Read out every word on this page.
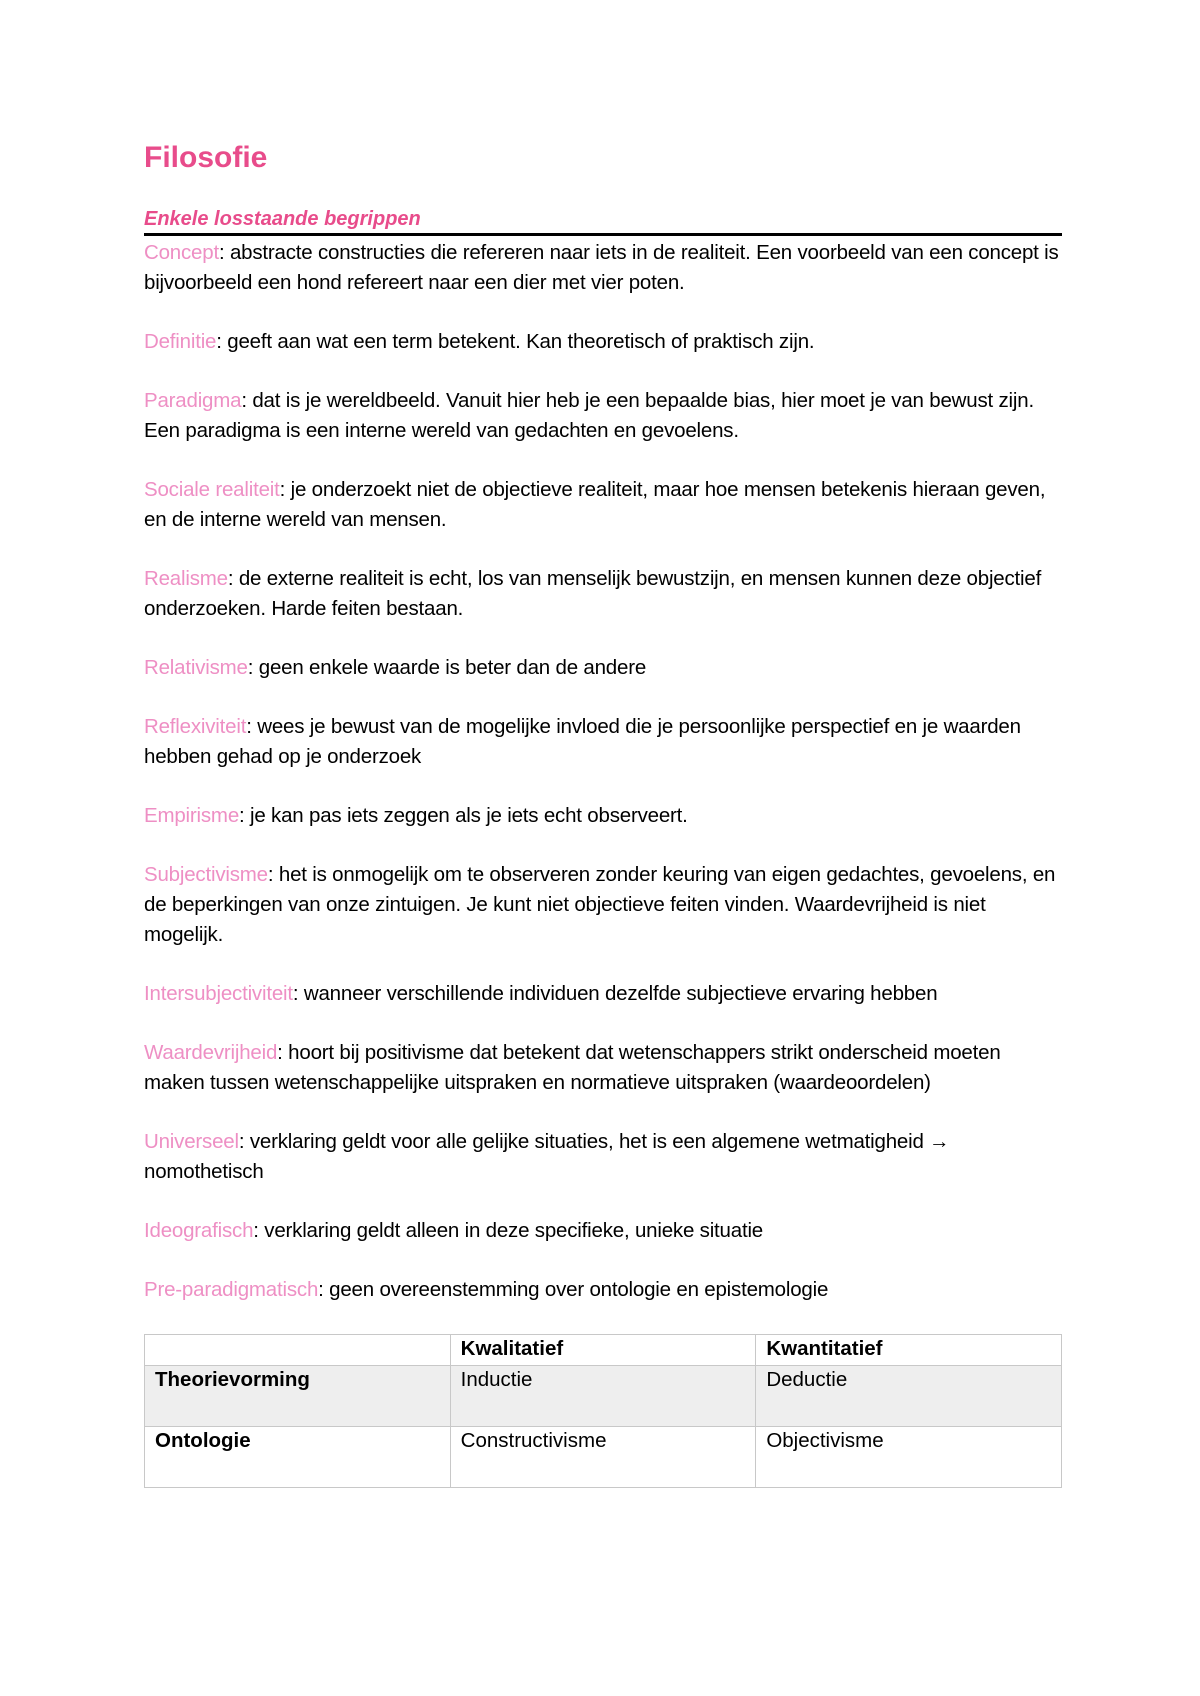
Filosofie
Enkele losstaande begrippen

Concept: abstracte constructies die refereren naar iets in de realiteit. Een voorbeeld van een concept is bijvoorbeeld een hond refereert naar een dier met vier poten.

Definitie: geeft aan wat een term betekent. Kan theoretisch of praktisch zijn.

Paradigma: dat is je wereldbeeld. Vanuit hier heb je een bepaalde bias, hier moet je van bewust zijn. Een paradigma is een interne wereld van gedachten en gevoelens.

Sociale realiteit: je onderzoekt niet de objectieve realiteit, maar hoe mensen betekenis hieraan geven, en de interne wereld van mensen.

Realisme: de externe realiteit is echt, los van menselijk bewustzijn, en mensen kunnen deze objectief onderzoeken. Harde feiten bestaan.

Relativisme: geen enkele waarde is beter dan de andere

Reflexiviteit: wees je bewust van de mogelijke invloed die je persoonlijke perspectief en je waarden hebben gehad op je onderzoek

Empirisme: je kan pas iets zeggen als je iets echt observeert.

Subjectivisme: het is onmogelijk om te observeren zonder keuring van eigen gedachtes, gevoelens, en de beperkingen van onze zintuigen. Je kunt niet objectieve feiten vinden. Waardevrijheid is niet mogelijk.

Intersubjectiviteit: wanneer verschillende individuen dezelfde subjectieve ervaring hebben

Waardevrijheid: hoort bij positivisme dat betekent dat wetenschappers strikt onderscheid moeten maken tussen wetenschappelijke uitspraken en normatieve uitspraken (waardeoordelen)

Universeel: verklaring geldt voor alle gelijke situaties, het is een algemene wetmatigheid → nomothetisch

Ideografisch: verklaring geldt alleen in deze specifieke, unieke situatie

Pre-paradigmatisch: geen overeenstemming over ontologie en epistemologie

	Kwalitatief	Kwantitatief
Theorievorming	Inductie	Deductie
Ontologie	Constructivisme	Objectivisme
